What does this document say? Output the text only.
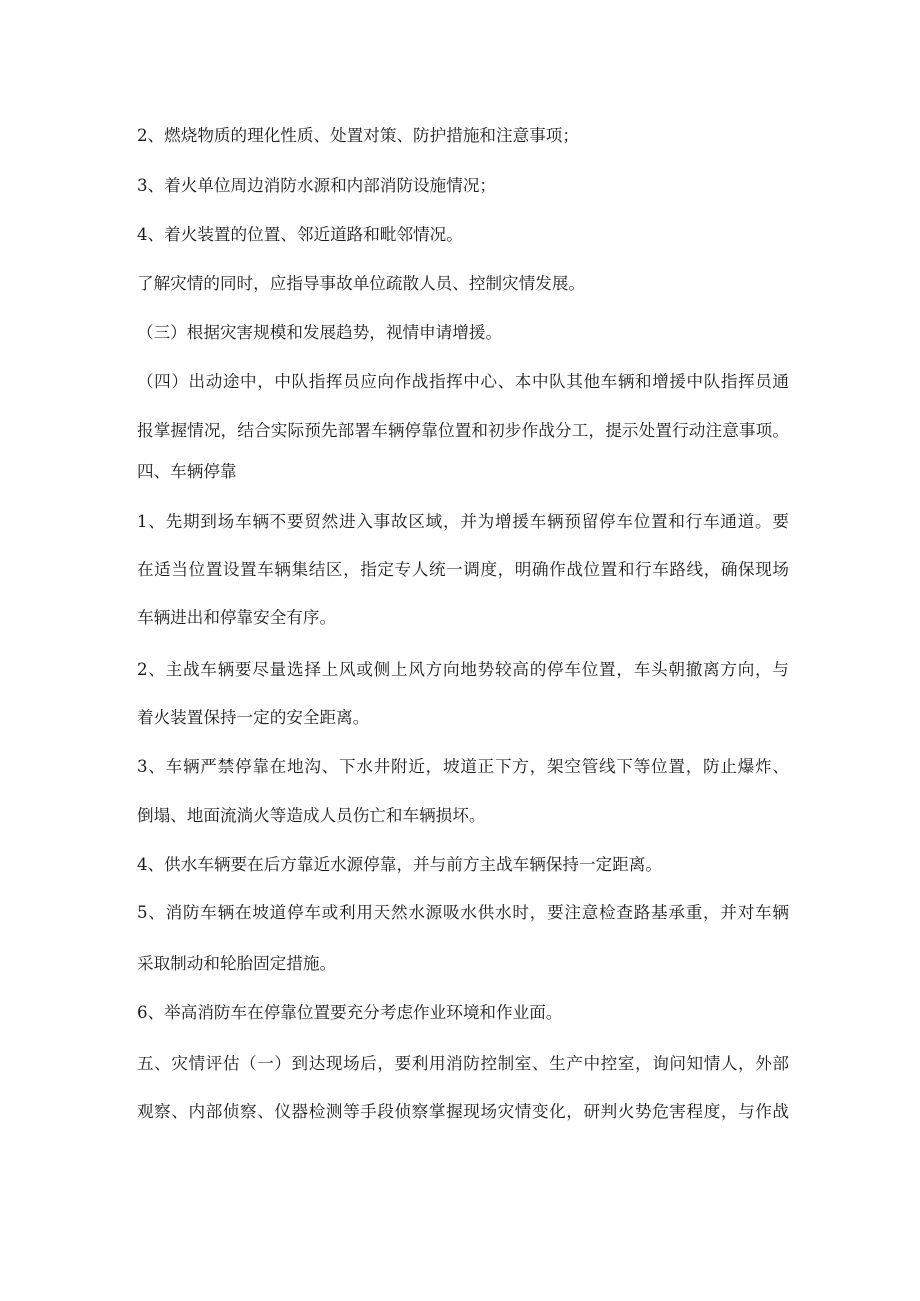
2、燃烧物质的理化性质、处置对策、防护措施和注意事项；
3、着火单位周边消防水源和内部消防设施情况；
4、着火装置的位置、邻近道路和毗邻情况。
了解灾情的同时，应指导事故单位疏散人员、控制灾情发展。
（三）根据灾害规模和发展趋势，视情申请增援。
（四）出动途中，中队指挥员应向作战指挥中心、本中队其他车辆和增援中队指挥员通
报掌握情况，结合实际预先部署车辆停靠位置和初步作战分工，提示处置行动注意事项。
四、车辆停靠
1、先期到场车辆不要贸然进入事故区域，并为增援车辆预留停车位置和行车通道。要
在适当位置设置车辆集结区，指定专人统一调度，明确作战位置和行车路线，确保现场
车辆进出和停靠安全有序。
2、主战车辆要尽量选择上风或侧上风方向地势较高的停车位置，车头朝撤离方向，与
着火装置保持一定的安全距离。
3、车辆严禁停靠在地沟、下水井附近，坡道正下方，架空管线下等位置，防止爆炸、
倒塌、地面流淌火等造成人员伤亡和车辆损坏。
4、供水车辆要在后方靠近水源停靠，并与前方主战车辆保持一定距离。
5、消防车辆在坡道停车或利用天然水源吸水供水时，要注意检查路基承重，并对车辆
采取制动和轮胎固定措施。
6、举高消防车在停靠位置要充分考虑作业环境和作业面。
五、灾情评估（一）到达现场后，要利用消防控制室、生产中控室，询问知情人，外部
观察、内部侦察、仪器检测等手段侦察掌握现场灾情变化，研判火势危害程度，与作战
